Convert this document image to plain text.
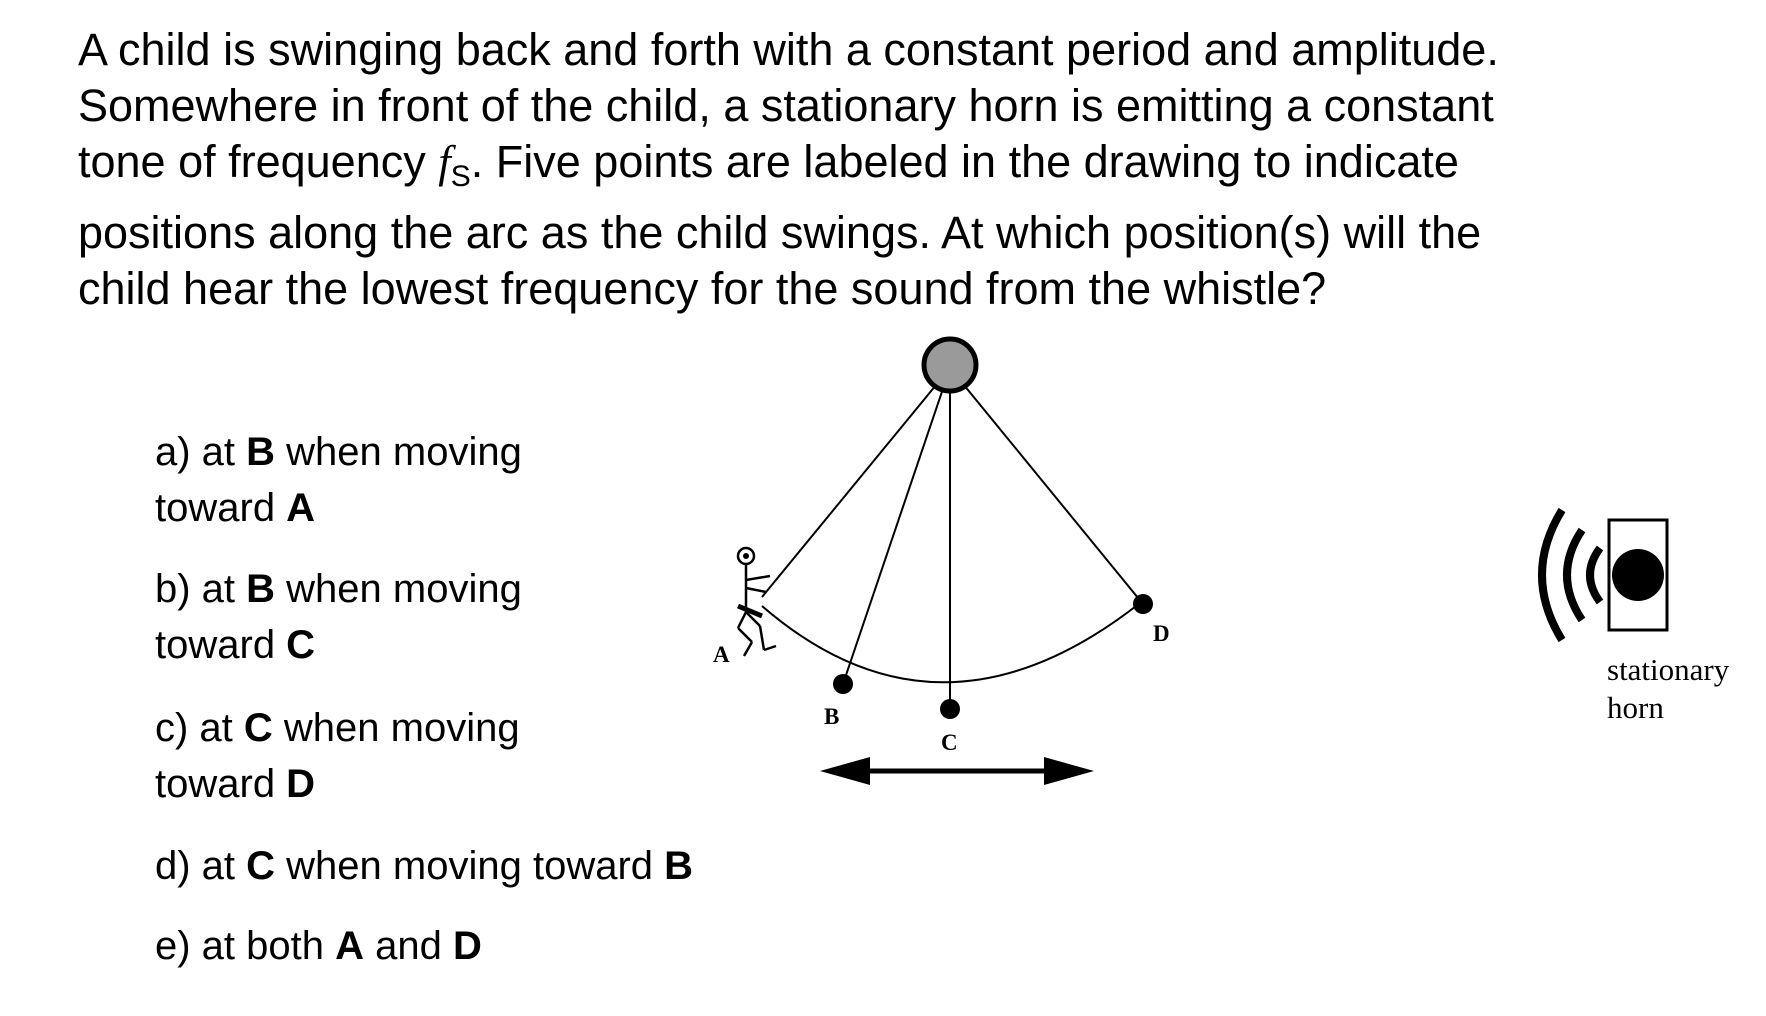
A child is swinging back and forth with a constant period and amplitude.
Somewhere in front of the child, a stationary horn is emitting a constant
tone of frequency $f_S$. Five points are labeled in the drawing to indicate
positions along the arc as the child swings. At which position(s) will the
child hear the lowest frequency for the sound from the whistle?
a) at B when moving
toward A
b) at B when moving
toward C
c) at C when moving
toward D
d) at C when moving toward B
e) at both A and D
A
B
C
D
stationary
horn
